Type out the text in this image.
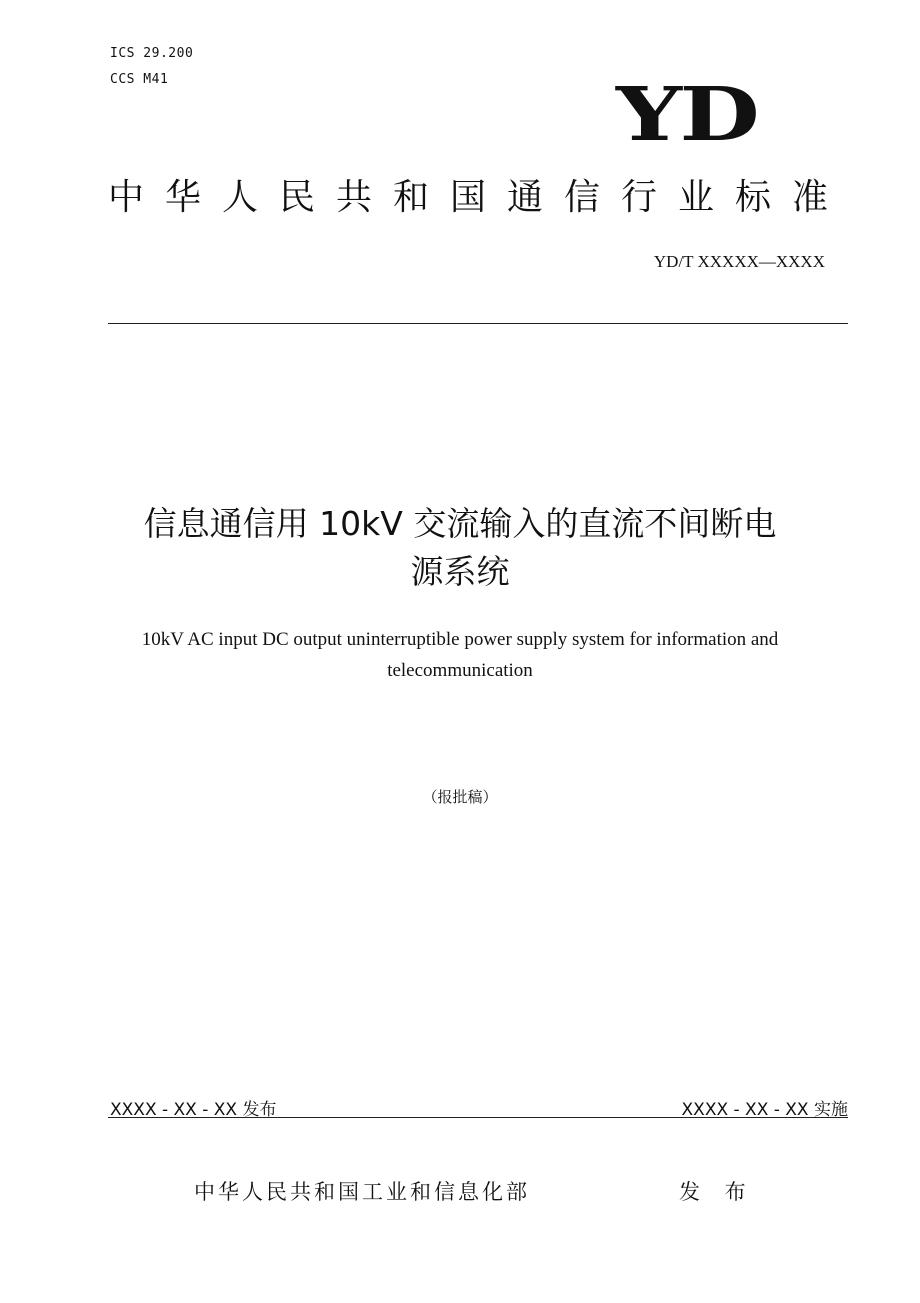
ICS 29.200
CCS M41	YD
中华人民共和国通信行业标准
YD/T XXXXX—XXXX
信息通信用 10kV 交流输入的直流不间断电
源系统
10kV AC input DC output uninterruptible power supply system for information and
telecommunication
（报批稿）
XXXX - XX - XX 发布	XXXX - XX - XX 实施
中华人民共和国工业和信息化部	发 布
